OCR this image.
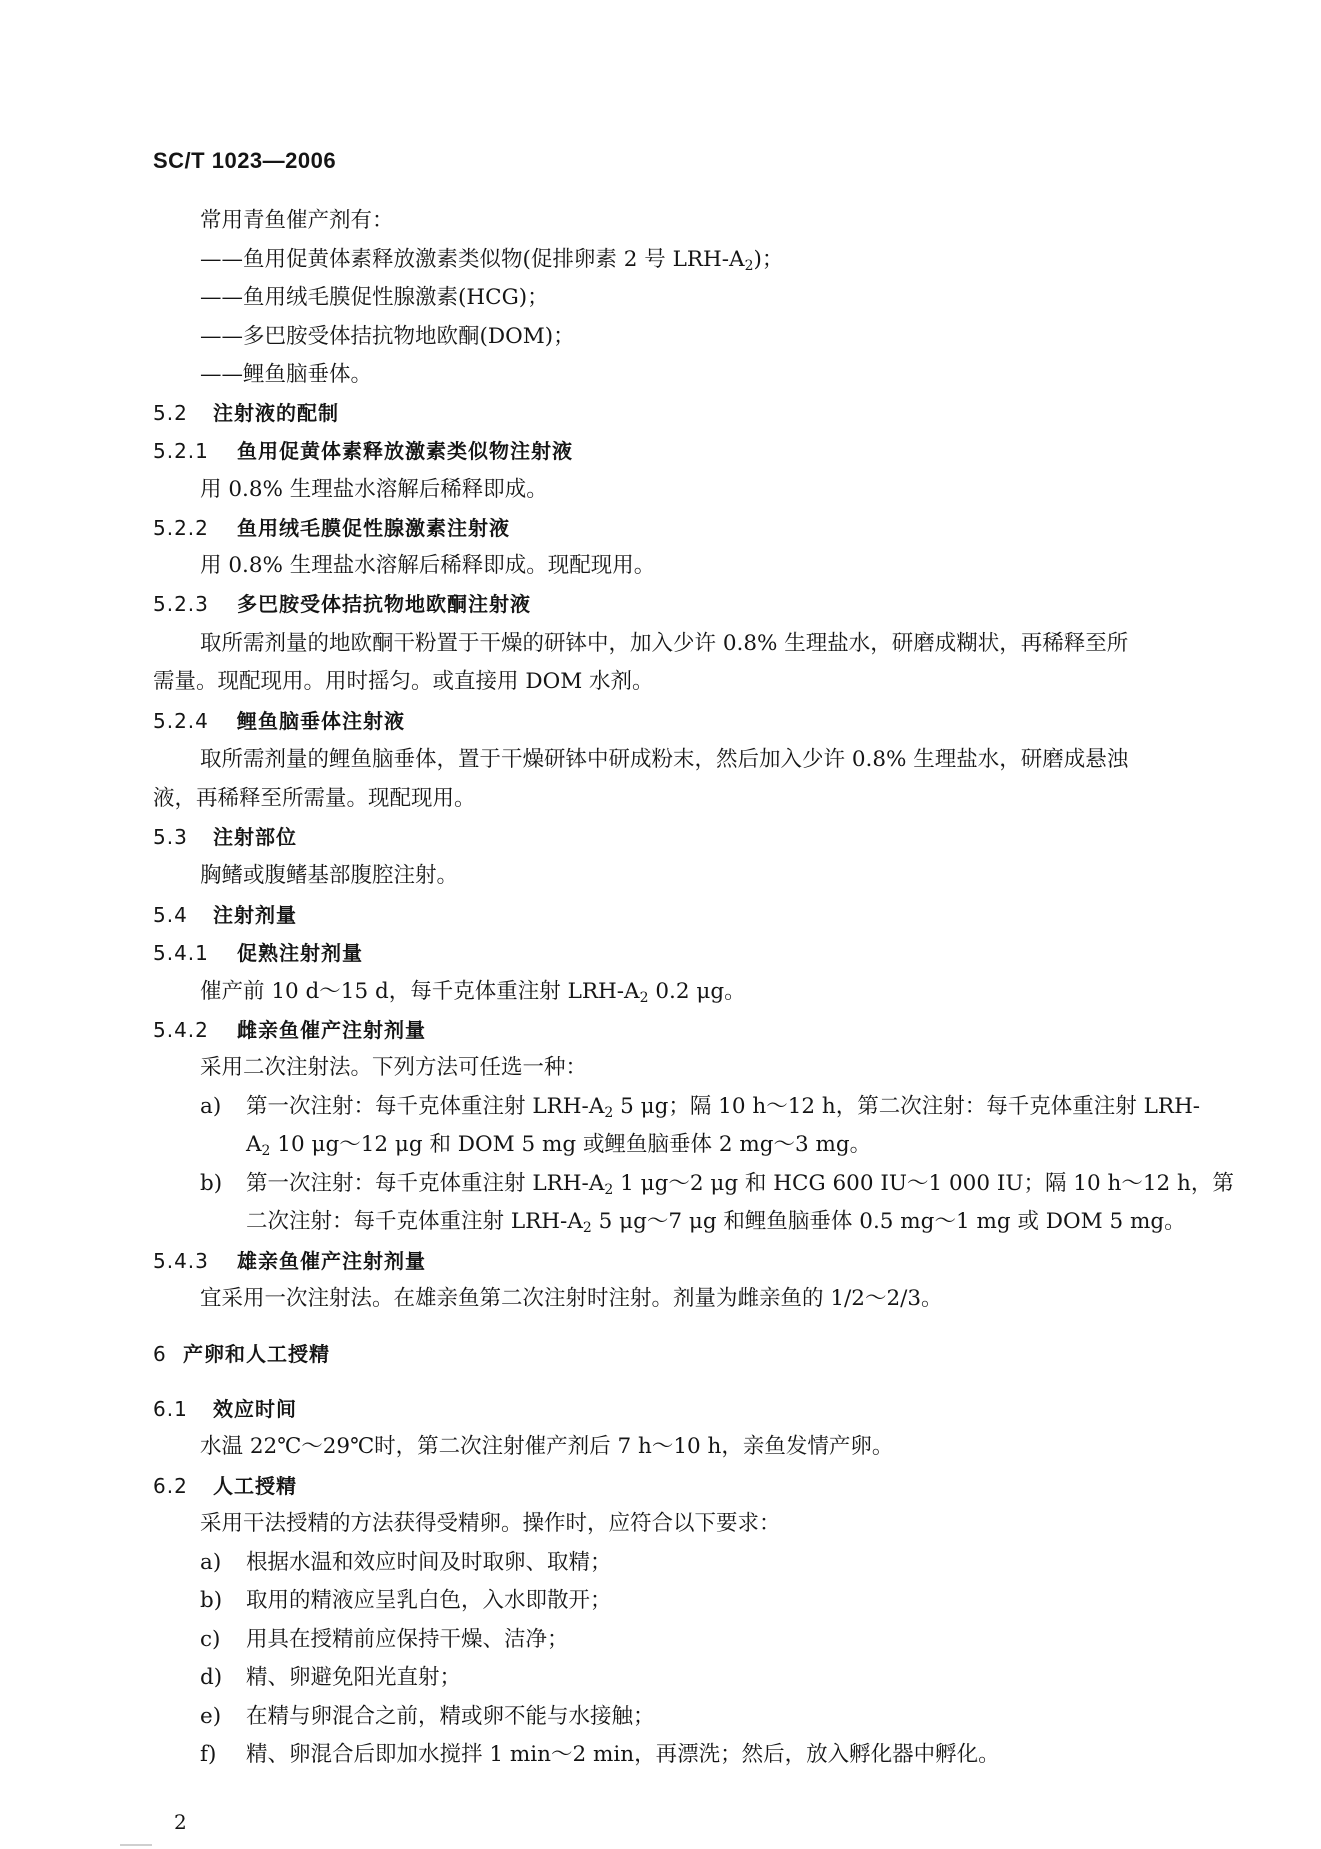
SC/T 1023—2006
常用青鱼催产剂有：
——鱼用促黄体素释放激素类似物(促排卵素 2 号 LRH-$A_2$)；
——鱼用绒毛膜促性腺激素(HCG)；
——多巴胺受体拮抗物地欧酮(DOM)；
——鲤鱼脑垂体。
5.2 注射液的配制
5.2.1 鱼用促黄体素释放激素类似物注射液
用 0.8% 生理盐水溶解后稀释即成。
5.2.2 鱼用绒毛膜促性腺激素注射液
用 0.8% 生理盐水溶解后稀释即成。现配现用。
5.2.3 多巴胺受体拮抗物地欧酮注射液
取所需剂量的地欧酮干粉置于干燥的研钵中，加入少许 0.8% 生理盐水，研磨成糊状，再稀释至所
需量。现配现用。用时摇匀。或直接用 DOM 水剂。
5.2.4 鲤鱼脑垂体注射液
取所需剂量的鲤鱼脑垂体，置于干燥研钵中研成粉末，然后加入少许 0.8% 生理盐水，研磨成悬浊
液，再稀释至所需量。现配现用。
5.3 注射部位
胸鳍或腹鳍基部腹腔注射。
5.4 注射剂量
5.4.1 促熟注射剂量
催产前 10 d～15 d，每千克体重注射 LRH-$A_2$ 0.2 μg。
5.4.2 雌亲鱼催产注射剂量
采用二次注射法。下列方法可任选一种：
a) 第一次注射：每千克体重注射 LRH-$A_2$ 5 μg；隔 10 h～12 h，第二次注射：每千克体重注射 LRH-
$A_2$ 10 μg～12 μg 和 DOM 5 mg 或鲤鱼脑垂体 2 mg～3 mg。
b) 第一次注射：每千克体重注射 LRH-$A_2$ 1 μg～2 μg 和 HCG 600 IU～1 000 IU；隔 10 h～12 h，第
二次注射：每千克体重注射 LRH-$A_2$ 5 μg～7 μg 和鲤鱼脑垂体 0.5 mg～1 mg 或 DOM 5 mg。
5.4.3 雄亲鱼催产注射剂量
宜采用一次注射法。在雄亲鱼第二次注射时注射。剂量为雌亲鱼的 1/2～2/3。
6 产卵和人工授精
6.1 效应时间
水温 22℃～29℃时，第二次注射催产剂后 7 h～10 h，亲鱼发情产卵。
6.2 人工授精
采用干法授精的方法获得受精卵。操作时，应符合以下要求：
a) 根据水温和效应时间及时取卵、取精；
b) 取用的精液应呈乳白色，入水即散开；
c) 用具在授精前应保持干燥、洁净；
d) 精、卵避免阳光直射；
e) 在精与卵混合之前，精或卵不能与水接触；
f) 精、卵混合后即加水搅拌 1 min～2 min，再漂洗；然后，放入孵化器中孵化。
2
